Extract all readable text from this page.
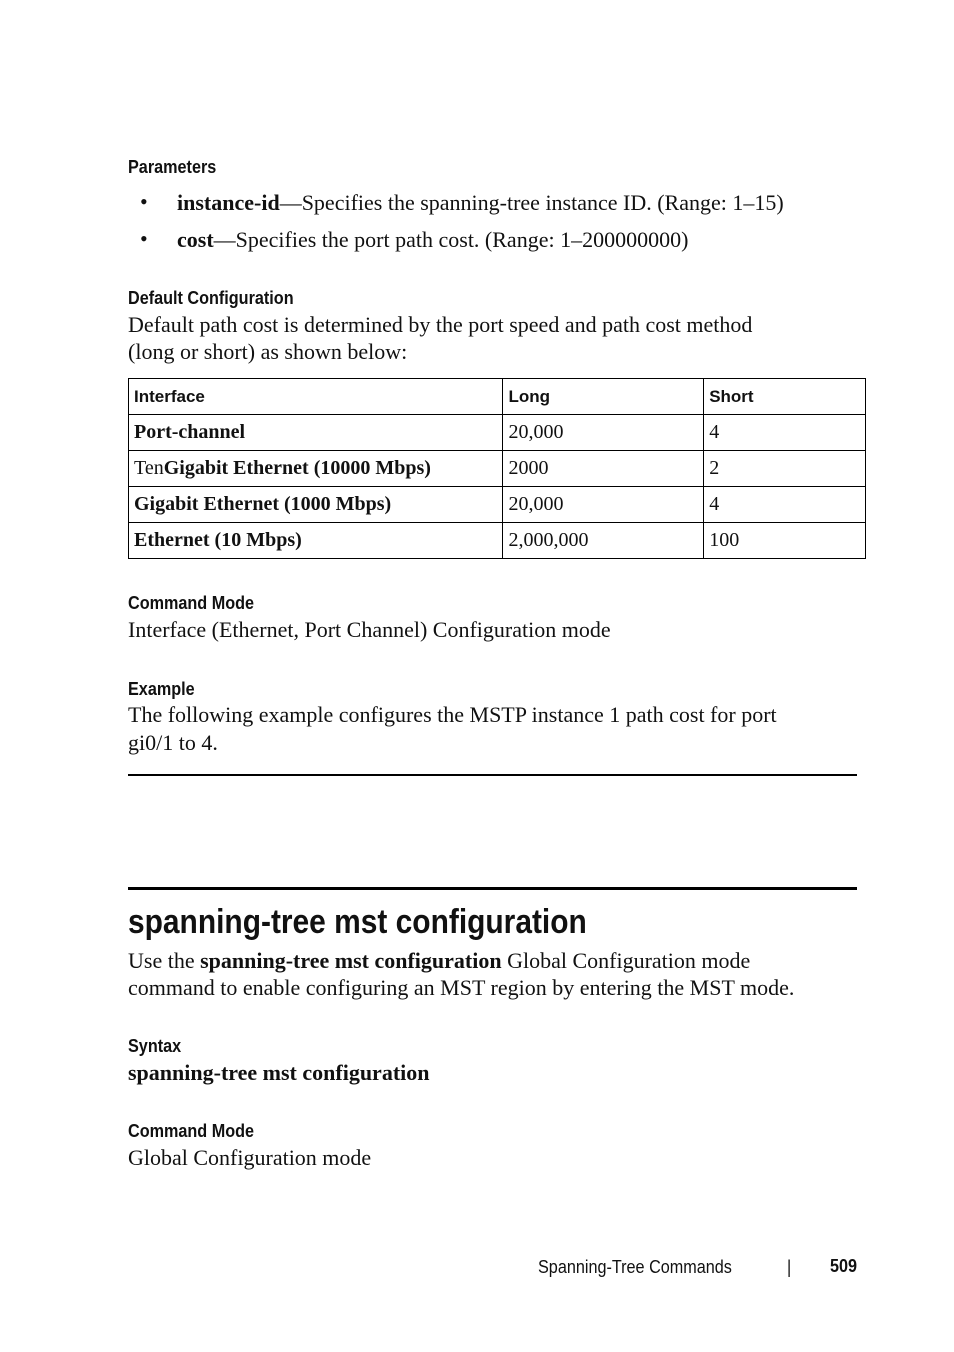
Parameters
• instance-id—Specifies the spanning-tree instance ID. (Range: 1–15)
• cost—Specifies the port path cost. (Range: 1–200000000)
Default Configuration
Default path cost is determined by the port speed and path cost method
(long or short) as shown below:
Interface	Long	Short
Port-channel	20,000	4
TenGigabit Ethernet (10000 Mbps)	2000	2
Gigabit Ethernet (1000 Mbps)	20,000	4
Ethernet (10 Mbps)	2,000,000	100
Command Mode
Interface (Ethernet, Port Channel) Configuration mode
Example
The following example configures the MSTP instance 1 path cost for port
gi0/1 to 4.
spanning-tree mst configuration
Use the spanning-tree mst configuration Global Configuration mode
command to enable configuring an MST region by entering the MST mode.
Syntax
spanning-tree mst configuration
Command Mode
Global Configuration mode
Spanning-Tree Commands	| 509
